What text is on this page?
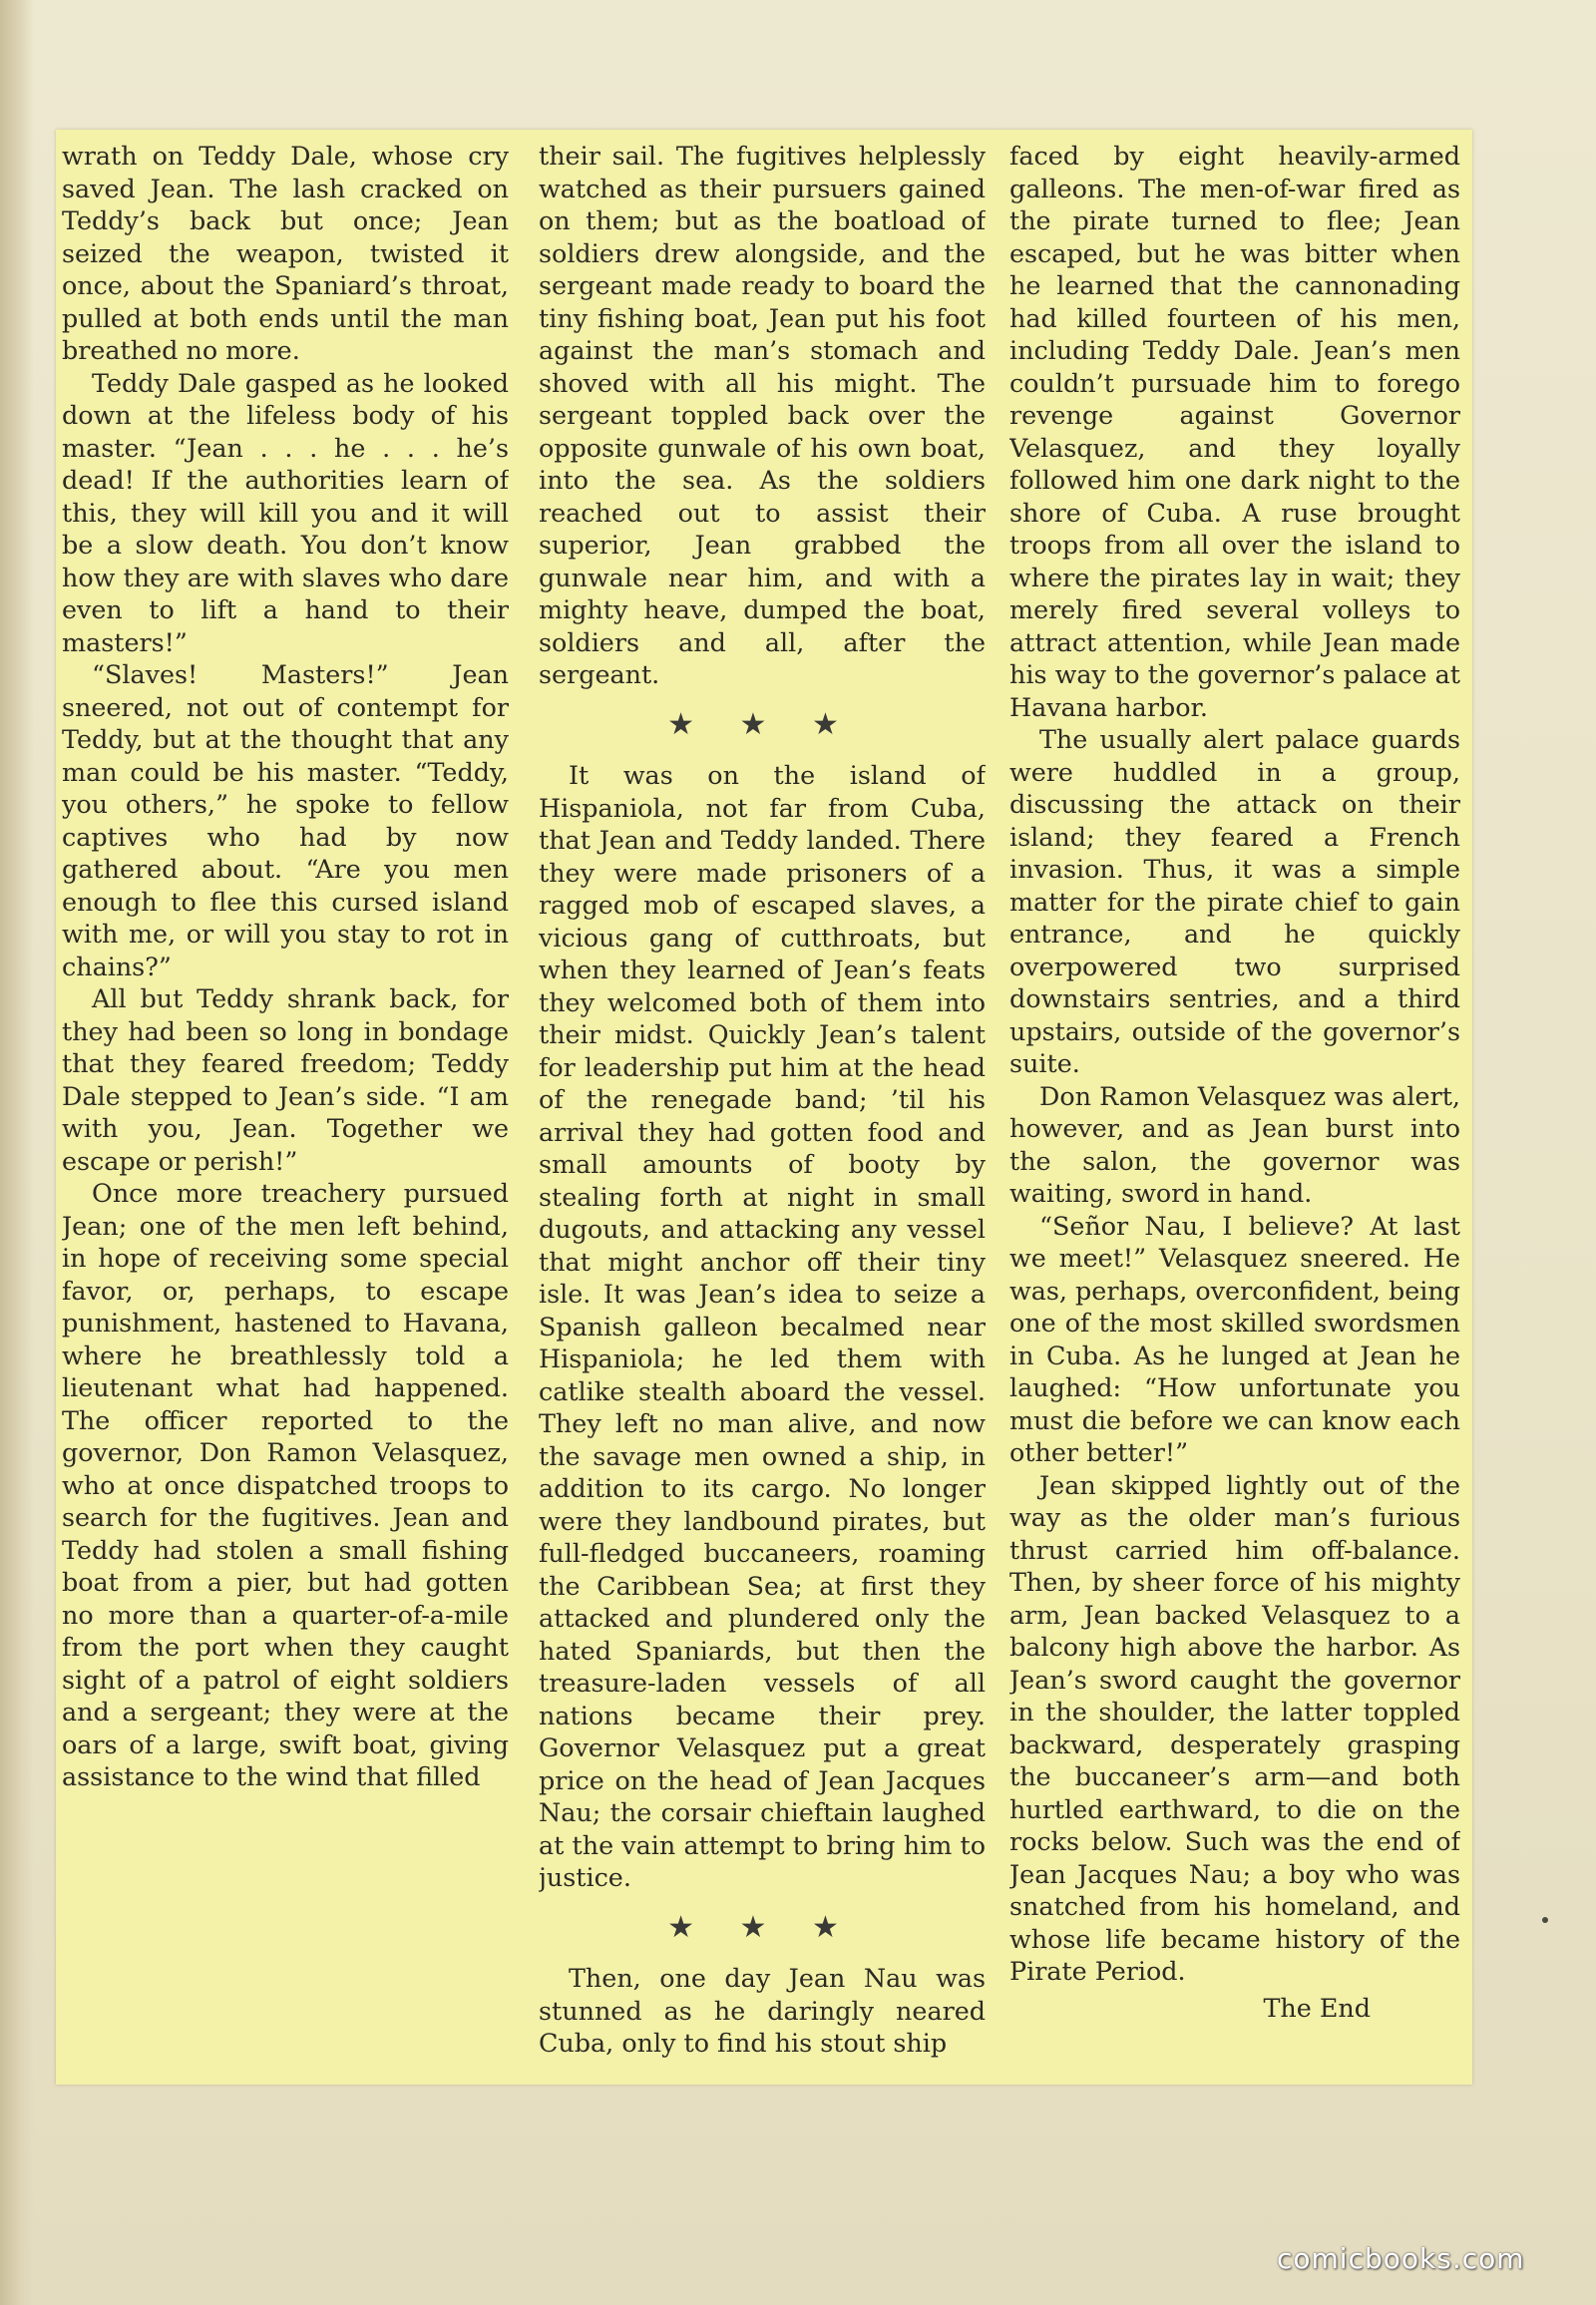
wrath on Teddy Dale, whose cry saved Jean. The lash cracked on Teddy’s back but once; Jean seized the weapon, twisted it once, about the Spaniard’s throat, pulled at both ends until the man breathed no more.

Teddy Dale gasped as he looked down at the lifeless body of his master. “Jean . . . he . . . he’s dead! If the authorities learn of this, they will kill you and it will be a slow death. You don’t know how they are with slaves who dare even to lift a hand to their masters!”

“Slaves! Masters!” Jean sneered, not out of contempt for Teddy, but at the thought that any man could be his master. “Teddy, you others,” he spoke to fellow captives who had by now gathered about. “Are you men enough to flee this cursed island with me, or will you stay to rot in chains?”

All but Teddy shrank back, for they had been so long in bondage that they feared freedom; Teddy Dale stepped to Jean’s side. “I am with you, Jean. Together we escape or perish!”

Once more treachery pursued Jean; one of the men left behind, in hope of receiving some special favor, or, perhaps, to escape punishment, hastened to Havana, where he breathlessly told a lieutenant what had happened. The officer reported to the governor, Don Ramon Velasquez, who at once dispatched troops to search for the fugitives. Jean and Teddy had stolen a small fishing boat from a pier, but had gotten no more than a quarter-of-a-mile from the port when they caught sight of a patrol of eight soldiers and a sergeant; they were at the oars of a large, swift boat, giving assistance to the wind that filled

their sail. The fugitives helplessly watched as their pursuers gained on them; but as the boatload of soldiers drew alongside, and the sergeant made ready to board the tiny fishing boat, Jean put his foot against the man’s stomach and shoved with all his might. The sergeant toppled back over the opposite gunwale of his own boat, into the sea. As the soldiers reached out to assist their superior, Jean grabbed the gunwale near him, and with a mighty heave, dumped the boat, soldiers and all, after the sergeant.

★ ★ ★

It was on the island of Hispaniola, not far from Cuba, that Jean and Teddy landed. There they were made prisoners of a ragged mob of escaped slaves, a vicious gang of cutthroats, but when they learned of Jean’s feats they welcomed both of them into their midst. Quickly Jean’s talent for leadership put him at the head of the renegade band; ’til his arrival they had gotten food and small amounts of booty by stealing forth at night in small dugouts, and attacking any vessel that might anchor off their tiny isle. It was Jean’s idea to seize a Spanish galleon becalmed near Hispaniola; he led them with catlike stealth aboard the vessel. They left no man alive, and now the savage men owned a ship, in addition to its cargo. No longer were they landbound pirates, but full-fledged buccaneers, roaming the Caribbean Sea; at first they attacked and plundered only the hated Spaniards, but then the treasure-laden vessels of all nations became their prey. Governor Velasquez put a great price on the head of Jean Jacques Nau; the corsair chieftain laughed at the vain attempt to bring him to justice.

★ ★ ★

Then, one day Jean Nau was stunned as he daringly neared Cuba, only to find his stout ship

faced by eight heavily-armed galleons. The men-of-war fired as the pirate turned to flee; Jean escaped, but he was bitter when he learned that the cannonading had killed fourteen of his men, including Teddy Dale. Jean’s men couldn’t pursuade him to forego revenge against Governor Velasquez, and they loyally followed him one dark night to the shore of Cuba. A ruse brought troops from all over the island to where the pirates lay in wait; they merely fired several volleys to attract attention, while Jean made his way to the governor’s palace at Havana harbor.

The usually alert palace guards were huddled in a group, discussing the attack on their island; they feared a French invasion. Thus, it was a simple matter for the pirate chief to gain entrance, and he quickly overpowered two surprised downstairs sentries, and a third upstairs, outside of the governor’s suite.

Don Ramon Velasquez was alert, however, and as Jean burst into the salon, the governor was waiting, sword in hand.

“Señor Nau, I believe? At last we meet!” Velasquez sneered. He was, perhaps, overconfident, being one of the most skilled swordsmen in Cuba. As he lunged at Jean he laughed: “How unfortunate you must die before we can know each other better!”

Jean skipped lightly out of the way as the older man’s furious thrust carried him off-balance. Then, by sheer force of his mighty arm, Jean backed Velasquez to a balcony high above the harbor. As Jean’s sword caught the governor in the shoulder, the latter toppled backward, desperately grasping the buccaneer’s arm—and both hurtled earthward, to die on the rocks below. Such was the end of Jean Jacques Nau; a boy who was snatched from his homeland, and whose life became history of the Pirate Period.

The End
comicbooks.com
